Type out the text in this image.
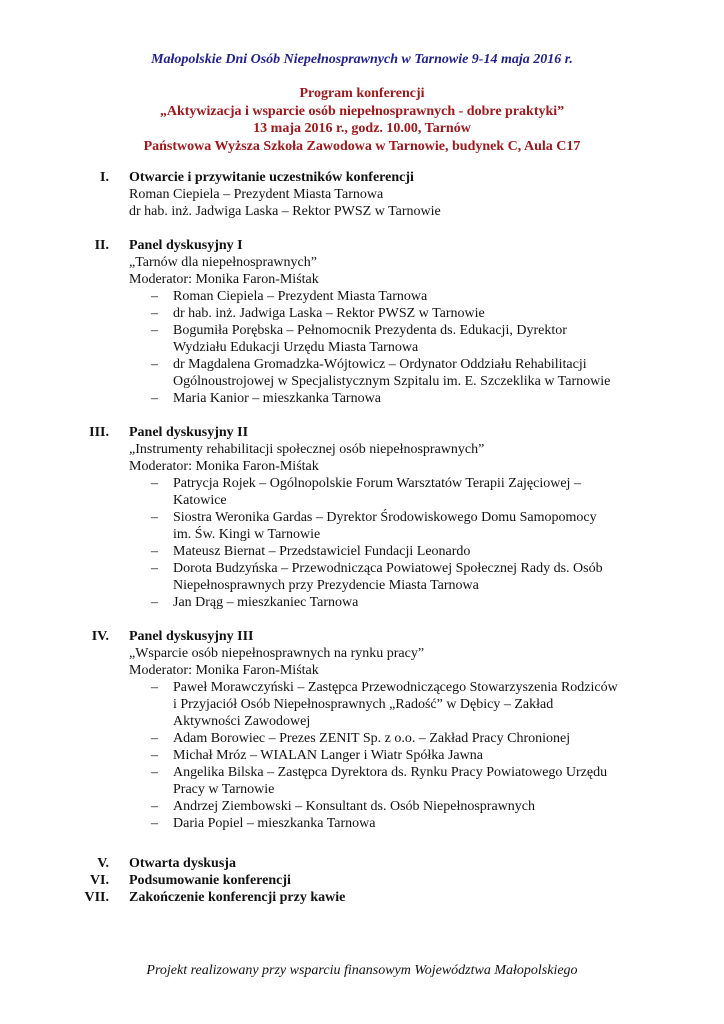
Małopolskie Dni Osób Niepełnosprawnych w Tarnowie 9-14 maja 2016 r.
Program konferencji
„Aktywizacja i wsparcie osób niepełnosprawnych - dobre praktyki”
13 maja 2016 r., godz. 10.00, Tarnów
Państwowa Wyższa Szkoła Zawodowa w Tarnowie, budynek C, Aula C17
I. Otwarcie i przywitanie uczestników konferencji
Roman Ciepiela – Prezydent Miasta Tarnowa
dr hab. inż. Jadwiga Laska – Rektor PWSZ w Tarnowie
II. Panel dyskusyjny I
„Tarnów dla niepełnosprawnych”
Moderator: Monika Faron-Miśtak
– Roman Ciepiela – Prezydent Miasta Tarnowa
– dr hab. inż. Jadwiga Laska – Rektor PWSZ w Tarnowie
– Bogumiła Porębska – Pełnomocnik Prezydenta ds. Edukacji, Dyrektor
Wydziału Edukacji Urzędu Miasta Tarnowa
– dr Magdalena Gromadzka-Wójtowicz – Ordynator Oddziału Rehabilitacji
Ogólnoustrojowej w Specjalistycznym Szpitalu im. E. Szczeklika w Tarnowie
– Maria Kanior – mieszkanka Tarnowa
III. Panel dyskusyjny II
„Instrumenty rehabilitacji społecznej osób niepełnosprawnych”
Moderator: Monika Faron-Miśtak
– Patrycja Rojek – Ogólnopolskie Forum Warsztatów Terapii Zajęciowej –
Katowice
– Siostra Weronika Gardas – Dyrektor Środowiskowego Domu Samopomocy
im. Św. Kingi w Tarnowie
– Mateusz Biernat – Przedstawiciel Fundacji Leonardo
– Dorota Budzyńska – Przewodnicząca Powiatowej Społecznej Rady ds. Osób
Niepełnosprawnych przy Prezydencie Miasta Tarnowa
– Jan Drąg – mieszkaniec Tarnowa
IV. Panel dyskusyjny III
„Wsparcie osób niepełnosprawnych na rynku pracy”
Moderator: Monika Faron-Miśtak
– Paweł Morawczyński – Zastępca Przewodniczącego Stowarzyszenia Rodziców
i Przyjaciół Osób Niepełnosprawnych „Radość” w Dębicy – Zakład
Aktywności Zawodowej
– Adam Borowiec – Prezes ZENIT Sp. z o.o. – Zakład Pracy Chronionej
– Michał Mróz – WIALAN Langer i Wiatr Spółka Jawna
– Angelika Bilska – Zastępca Dyrektora ds. Rynku Pracy Powiatowego Urzędu
Pracy w Tarnowie
– Andrzej Ziembowski – Konsultant ds. Osób Niepełnosprawnych
– Daria Popiel – mieszkanka Tarnowa
V. Otwarta dyskusja
VI. Podsumowanie konferencji
VII. Zakończenie konferencji przy kawie
Projekt realizowany przy wsparciu finansowym Województwa Małopolskiego
